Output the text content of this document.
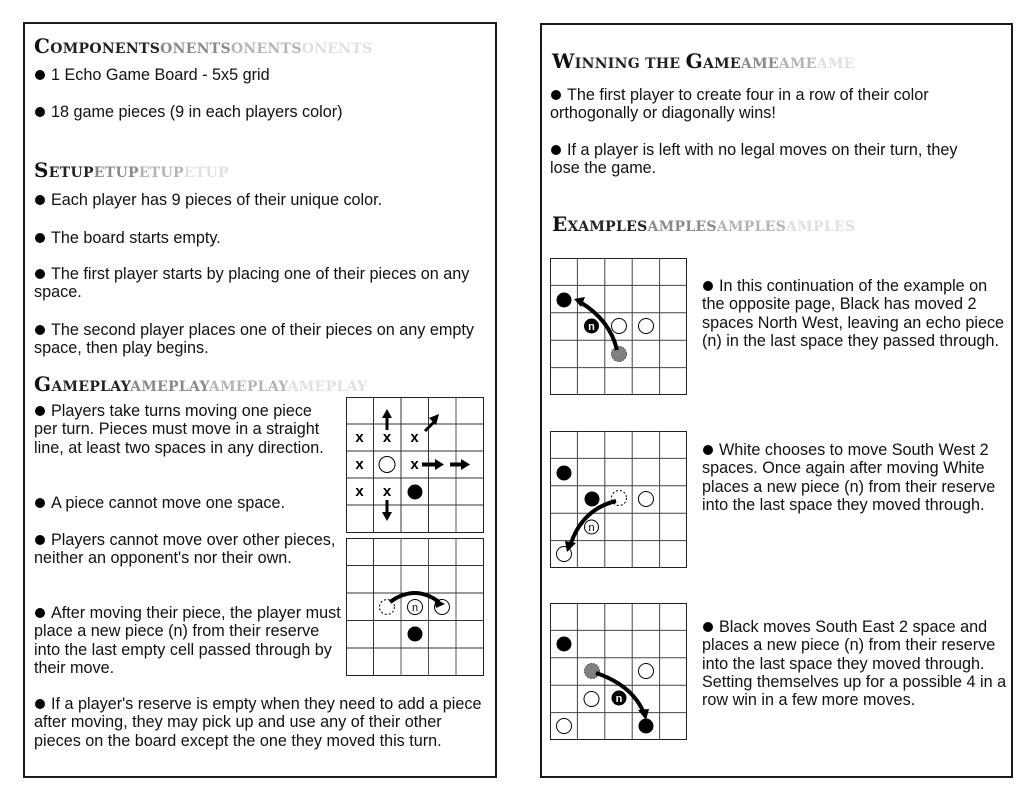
COMPONENTSONENTSONENTSONENTS
1 Echo Game Board - 5x5 grid
18 game pieces (9 in each players color)
SETUPETUPETUPETUP
Each player has 9 pieces of their unique color.
The board starts empty.
The first player starts by placing one of their pieces on any space.
The second player places one of their pieces on any empty space, then play begins.
GAMEPLAYAMEPLAYAMEPLAYAMEPLAY
Players take turns moving one piece per turn. Pieces must move in a straight line, at least two spaces in any direction.
A piece cannot move one space.
Players cannot move over other pieces, neither an opponent's nor their own.
After moving their piece, the player must place a new piece (n) from their reserve into the last empty cell passed through by their move.
If a player's reserve is empty when they need to add a piece after moving, they may pick up and use any of their other pieces on the board except the one they moved this turn.
x x x
x	x
x x
n
WINNING THE GAMEAMEAMEAME
The first player to create four in a row of their color orthogonally or diagonally wins!
If a player is left with no legal moves on their turn, they lose the game.
EXAMPLESAMPLESAMPLESAMPLES
In this continuation of the example on the opposite page, Black has moved 2 spaces North West, leaving an echo piece (n) in the last space they passed through.
White chooses to move South West 2 spaces. Once again after moving White places a new piece (n) from their reserve into the last space they moved through.
Black moves South East 2 space and places a new piece (n) from their reserve into the last space they moved through. Setting themselves up for a possible 4 in a row win in a few more moves.
n
n
n
